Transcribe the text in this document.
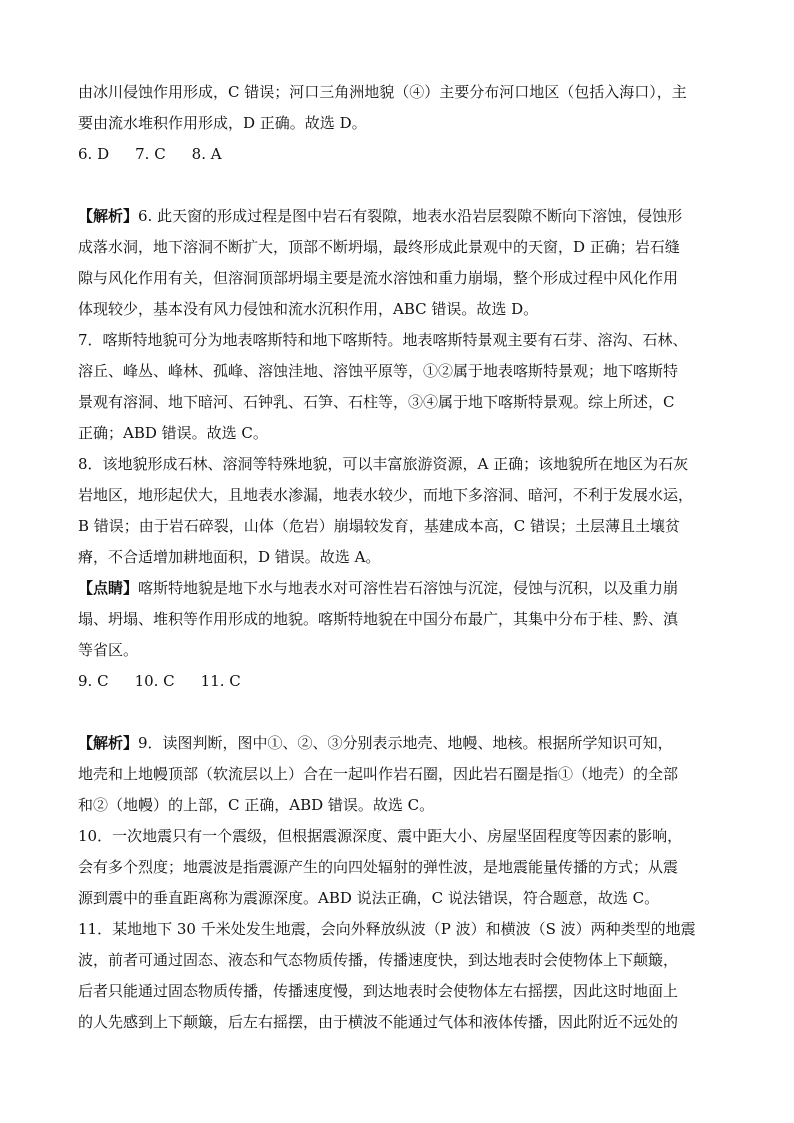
由冰川侵蚀作用形成，C 错误；河口三角洲地貌（④）主要分布河口地区（包括入海口），主
要由流水堆积作用形成，D 正确。故选 D。
6. D 7. C 8. A
【解析】6. 此天窗的形成过程是图中岩石有裂隙，地表水沿岩层裂隙不断向下溶蚀，侵蚀形
成落水洞，地下溶洞不断扩大，顶部不断坍塌，最终形成此景观中的天窗，D 正确；岩石缝
隙与风化作用有关，但溶洞顶部坍塌主要是流水溶蚀和重力崩塌，整个形成过程中风化作用
体现较少，基本没有风力侵蚀和流水沉积作用，ABC 错误。故选 D。
7．喀斯特地貌可分为地表喀斯特和地下喀斯特。地表喀斯特景观主要有石芽、溶沟、石林、
溶丘、峰丛、峰林、孤峰、溶蚀洼地、溶蚀平原等，①②属于地表喀斯特景观；地下喀斯特
景观有溶洞、地下暗河、石钟乳、石笋、石柱等，③④属于地下喀斯特景观。综上所述，C
正确；ABD 错误。故选 C。
8．该地貌形成石林、溶洞等特殊地貌，可以丰富旅游资源，A 正确；该地貌所在地区为石灰
岩地区，地形起伏大，且地表水渗漏，地表水较少，而地下多溶洞、暗河，不利于发展水运，
B 错误；由于岩石碎裂，山体（危岩）崩塌较发育，基建成本高，C 错误；土层薄且土壤贫
瘠，不合适增加耕地面积，D 错误。故选 A。
【点睛】喀斯特地貌是地下水与地表水对可溶性岩石溶蚀与沉淀，侵蚀与沉积，以及重力崩
塌、坍塌、堆积等作用形成的地貌。喀斯特地貌在中国分布最广，其集中分布于桂、黔、滇
等省区。
9. C 10. C 11. C
【解析】9．读图判断，图中①、②、③分别表示地壳、地幔、地核。根据所学知识可知，
地壳和上地幔顶部（软流层以上）合在一起叫作岩石圈，因此岩石圈是指①（地壳）的全部
和②（地幔）的上部，C 正确，ABD 错误。故选 C。
10．一次地震只有一个震级，但根据震源深度、震中距大小、房屋坚固程度等因素的影响，
会有多个烈度；地震波是指震源产生的向四处辐射的弹性波，是地震能量传播的方式；从震
源到震中的垂直距离称为震源深度。ABD 说法正确，C 说法错误，符合题意，故选 C。
11．某地地下 30 千米处发生地震，会向外释放纵波（P 波）和横波（S 波）两种类型的地震
波，前者可通过固态、液态和气态物质传播，传播速度快，到达地表时会使物体上下颠簸，
后者只能通过固态物质传播，传播速度慢，到达地表时会使物体左右摇摆，因此这时地面上
的人先感到上下颠簸，后左右摇摆，由于横波不能通过气体和液体传播，因此附近不远处的
